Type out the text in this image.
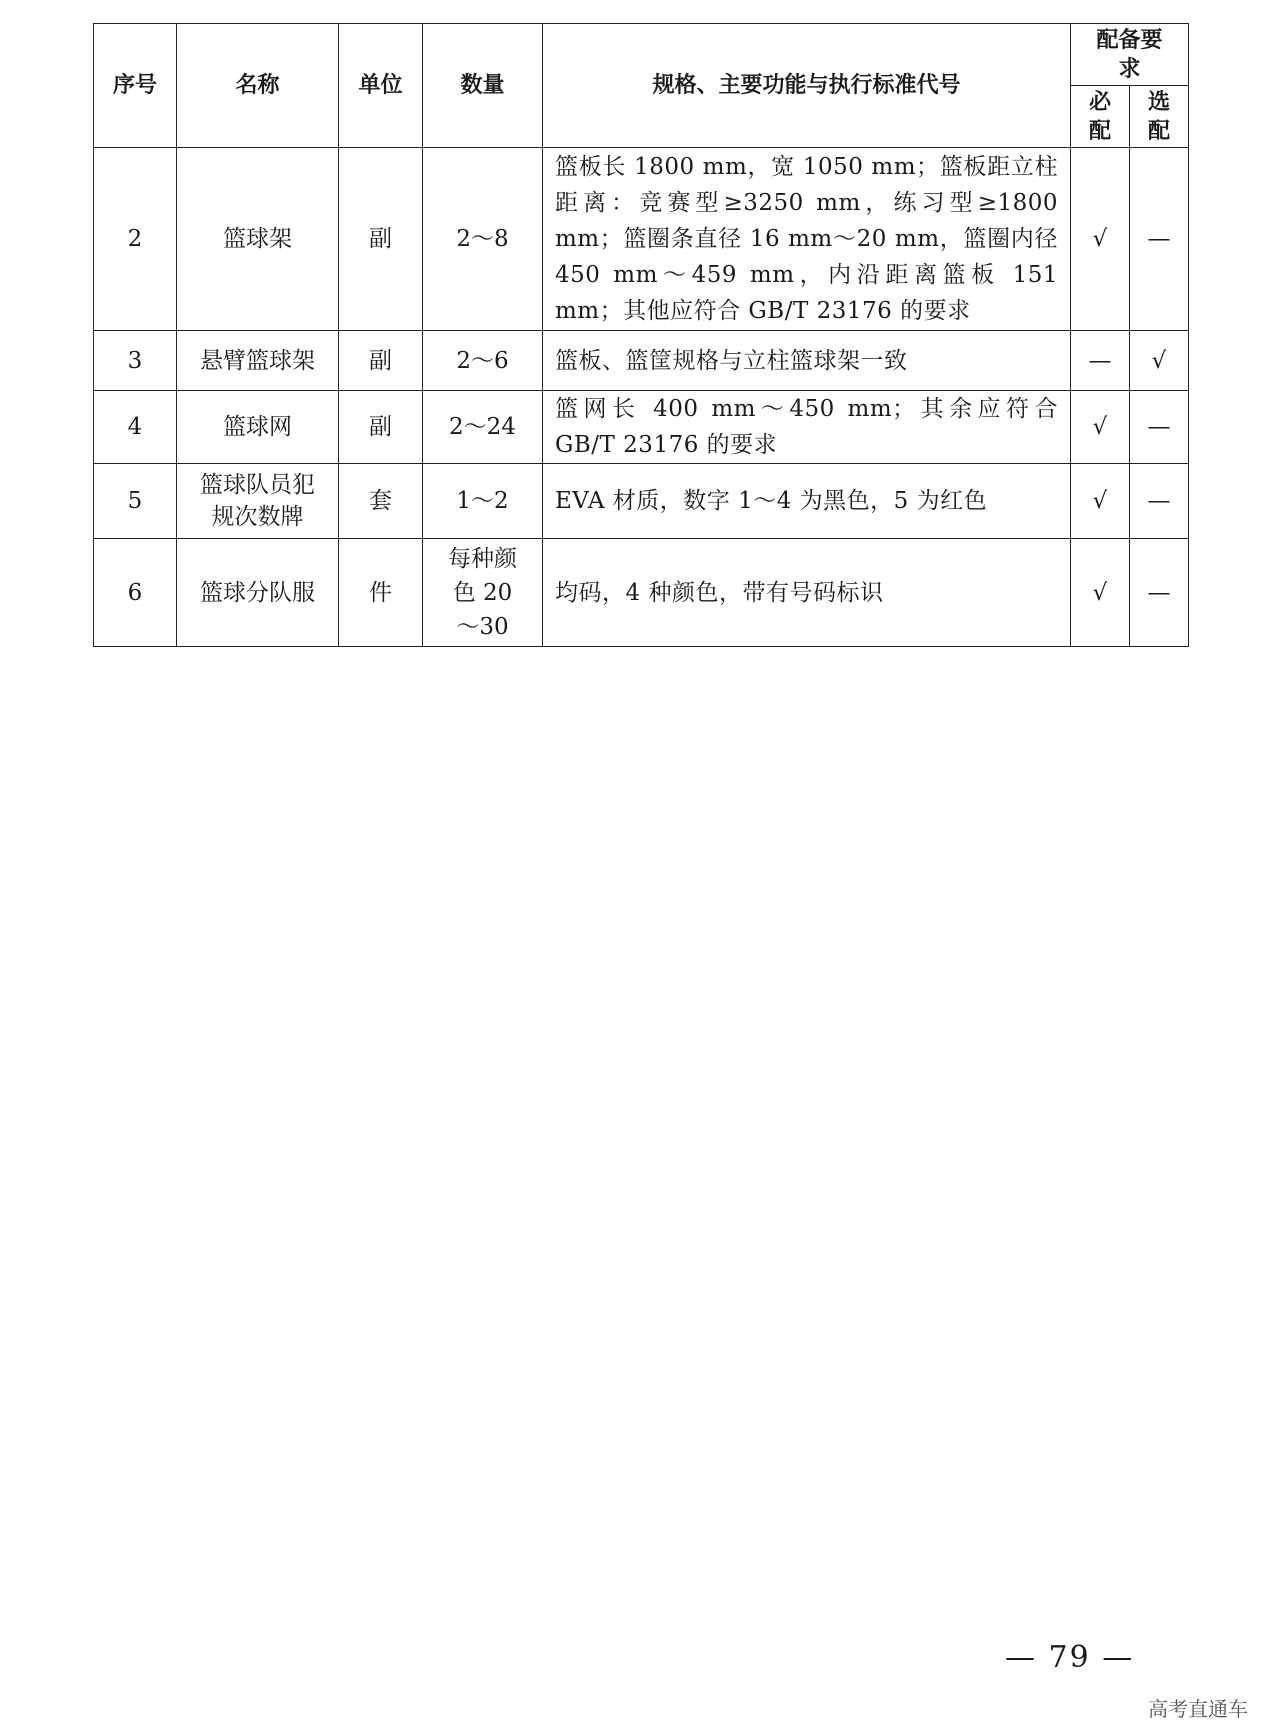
序号	名称	单位	数量	规格、主要功能与执行标准代号	配备要求	
					必配	选配
2	篮球架	副	2～8	篮板长 1800 mm，宽 1050 mm；篮板距立柱距离：竞赛型≥3250 mm，练习型≥1800 mm；篮圈条直径 16 mm～20 mm，篮圈内径 450 mm～459 mm，内沿距离篮板 151 mm；其他应符合 GB/T 23176 的要求	√	—
3	悬臂篮球架	副	2～6	篮板、篮筐规格与立柱篮球架一致	—	√
4	篮球网	副	2～24	篮网长 400 mm～450 mm；其余应符合 GB/T 23176 的要求	√	—
5	篮球队员犯规次数牌	套	1～2	EVA 材质，数字 1～4 为黑色，5 为红色	√	—
6	篮球分队服	件	每种颜色 20～30	均码，4 种颜色，带有号码标识	√	—
— 79 —
高考直通车
